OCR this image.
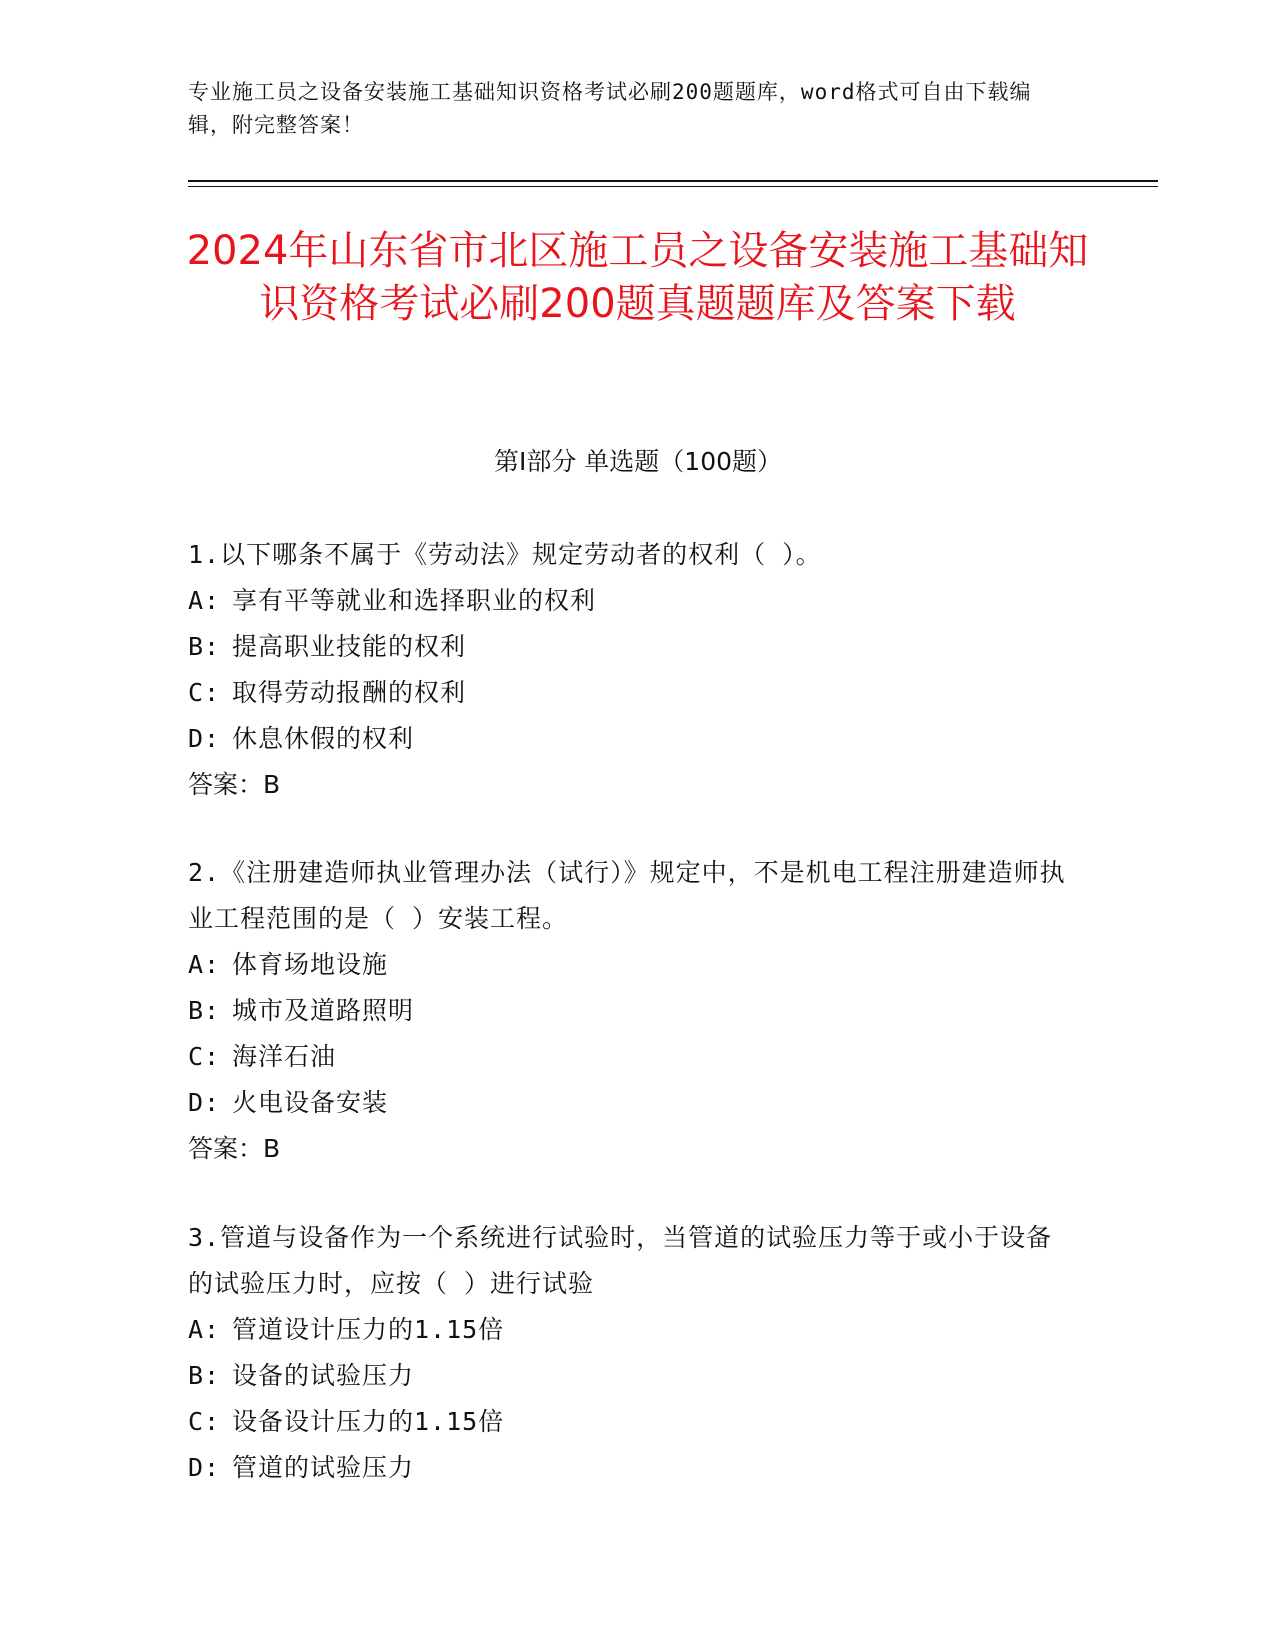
专业施工员之设备安装施工基础知识资格考试必刷200题题库，word格式可自由下载编辑，附完整答案！
2024年山东省市北区施工员之设备安装施工基础知识资格考试必刷200题真题题库及答案下载
第Ⅰ部分 单选题（100题）

1.以下哪条不属于《劳动法》规定劳动者的权利（ ）。

A: 享有平等就业和选择职业的权利
B: 提高职业技能的权利
C: 取得劳动报酬的权利
D: 休息休假的权利
答案：B

2.《注册建造师执业管理办法（试行）》规定中，不是机电工程注册建造师执业工程范围的是（ ）安装工程。

A: 体育场地设施
B: 城市及道路照明
C: 海洋石油
D: 火电设备安装
答案：B

3.管道与设备作为一个系统进行试验时，当管道的试验压力等于或小于设备的试验压力时，应按（ ）进行试验

A: 管道设计压力的1.15倍
B: 设备的试验压力
C: 设备设计压力的1.15倍
D: 管道的试验压力
